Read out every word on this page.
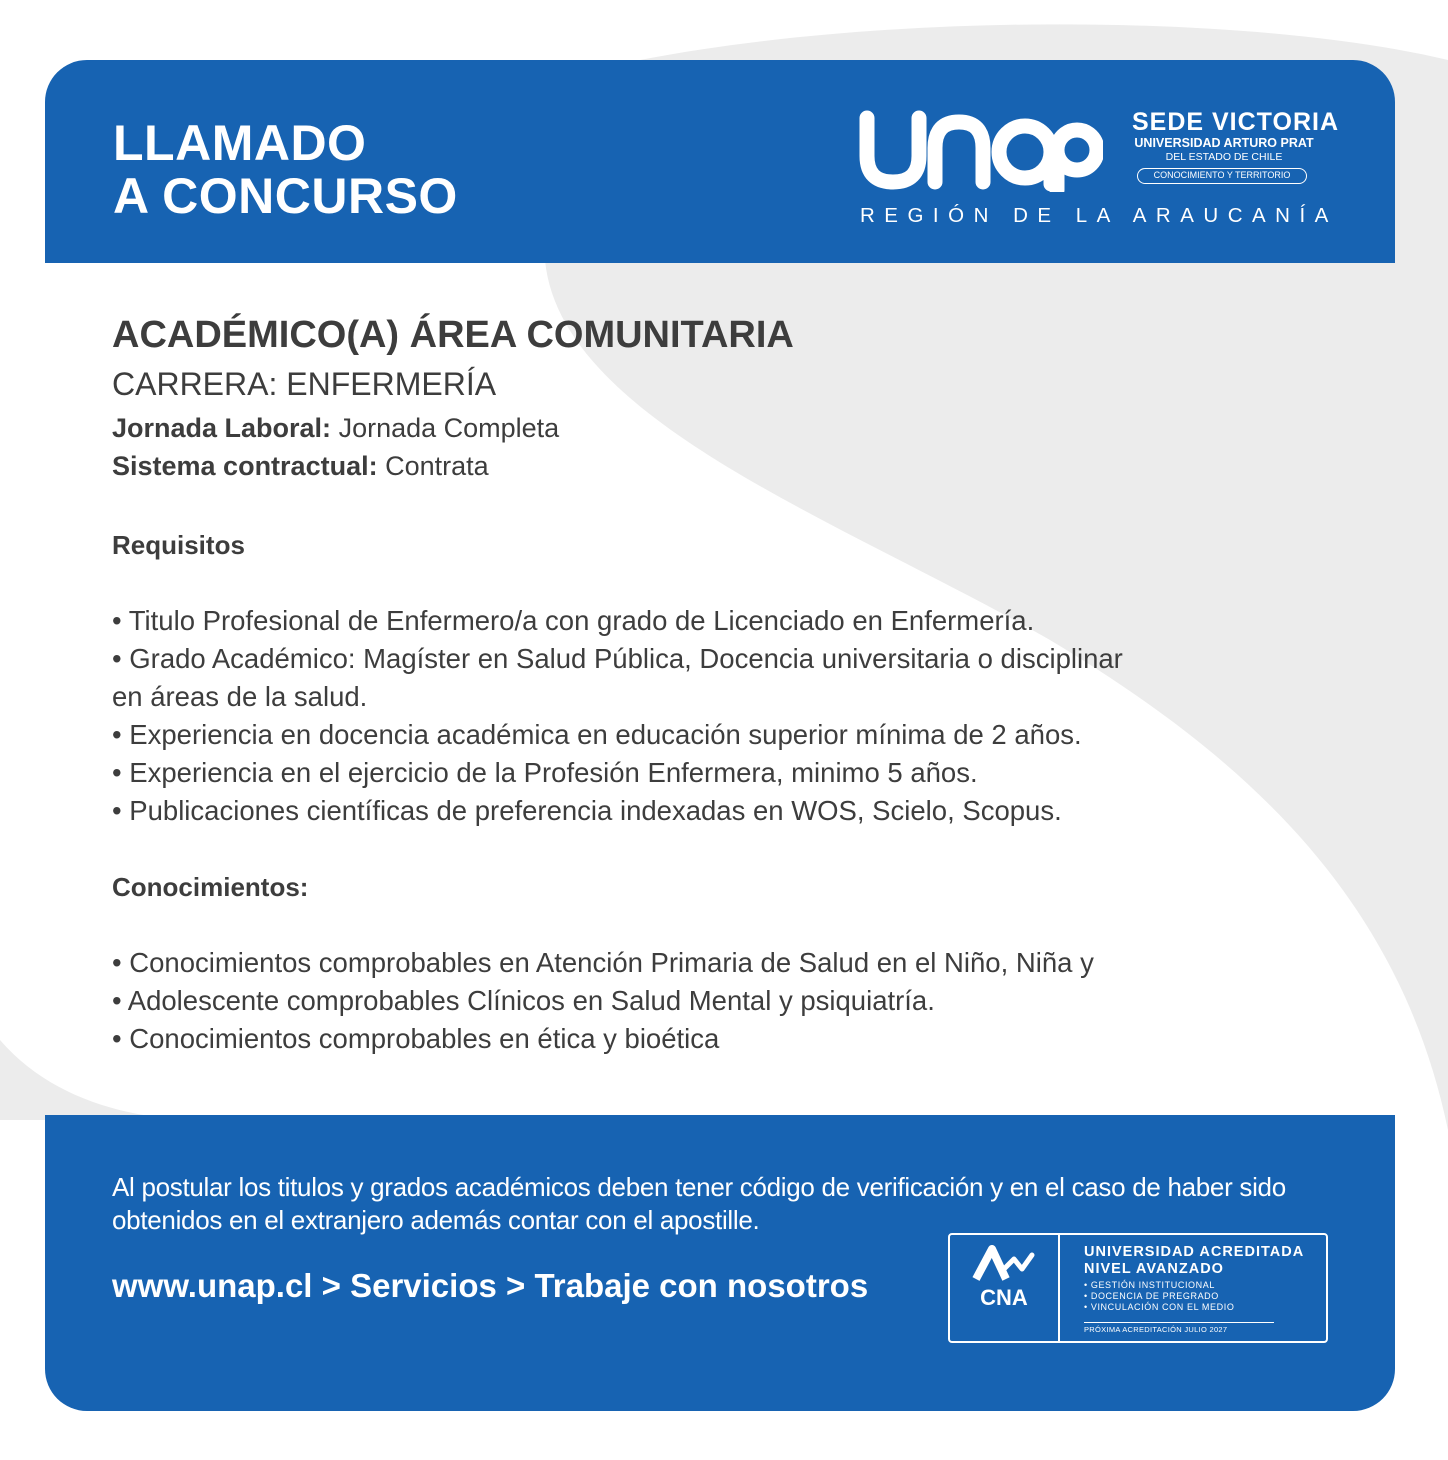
LLAMADO
A CONCURSO
SEDE VICTORIA
UNIVERSIDAD ARTURO PRAT
DEL ESTADO DE CHILE
CONOCIMIENTO Y TERRITORIO
REGIÓN DE LA ARAUCANÍA
ACADÉMICO(A) ÁREA COMUNITARIA
CARRERA: ENFERMERÍA
Jornada Laboral: Jornada Completa
Sistema contractual: Contrata
Requisitos
• Titulo Profesional de Enfermero/a con grado de Licenciado en Enfermería.
• Grado Académico: Magíster en Salud Pública, Docencia universitaria o disciplinar
en áreas de la salud.
• Experiencia en docencia académica en educación superior mínima de 2 años.
• Experiencia en el ejercicio de la Profesión Enfermera, minimo 5 años.
• Publicaciones científicas de preferencia indexadas en WOS, Scielo, Scopus.
Conocimientos:
• Conocimientos comprobables en Atención Primaria de Salud en el Niño, Niña y
• Adolescente comprobables Clínicos en Salud Mental y psiquiatría.
• Conocimientos comprobables en ética y bioética
Al postular los titulos y grados académicos deben tener código de verificación y en el caso de haber sido obtenidos en el extranjero además contar con el apostille.
www.unap.cl > Servicios > Trabaje con nosotros	CNA
UNIVERSIDAD ACREDITADA
NIVEL AVANZADO
• GESTIÓN INSTITUCIONAL
• DOCENCIA DE PREGRADO
• VINCULACIÓN CON EL MEDIO
PRÓXIMA ACREDITACIÓN JULIO 2027
